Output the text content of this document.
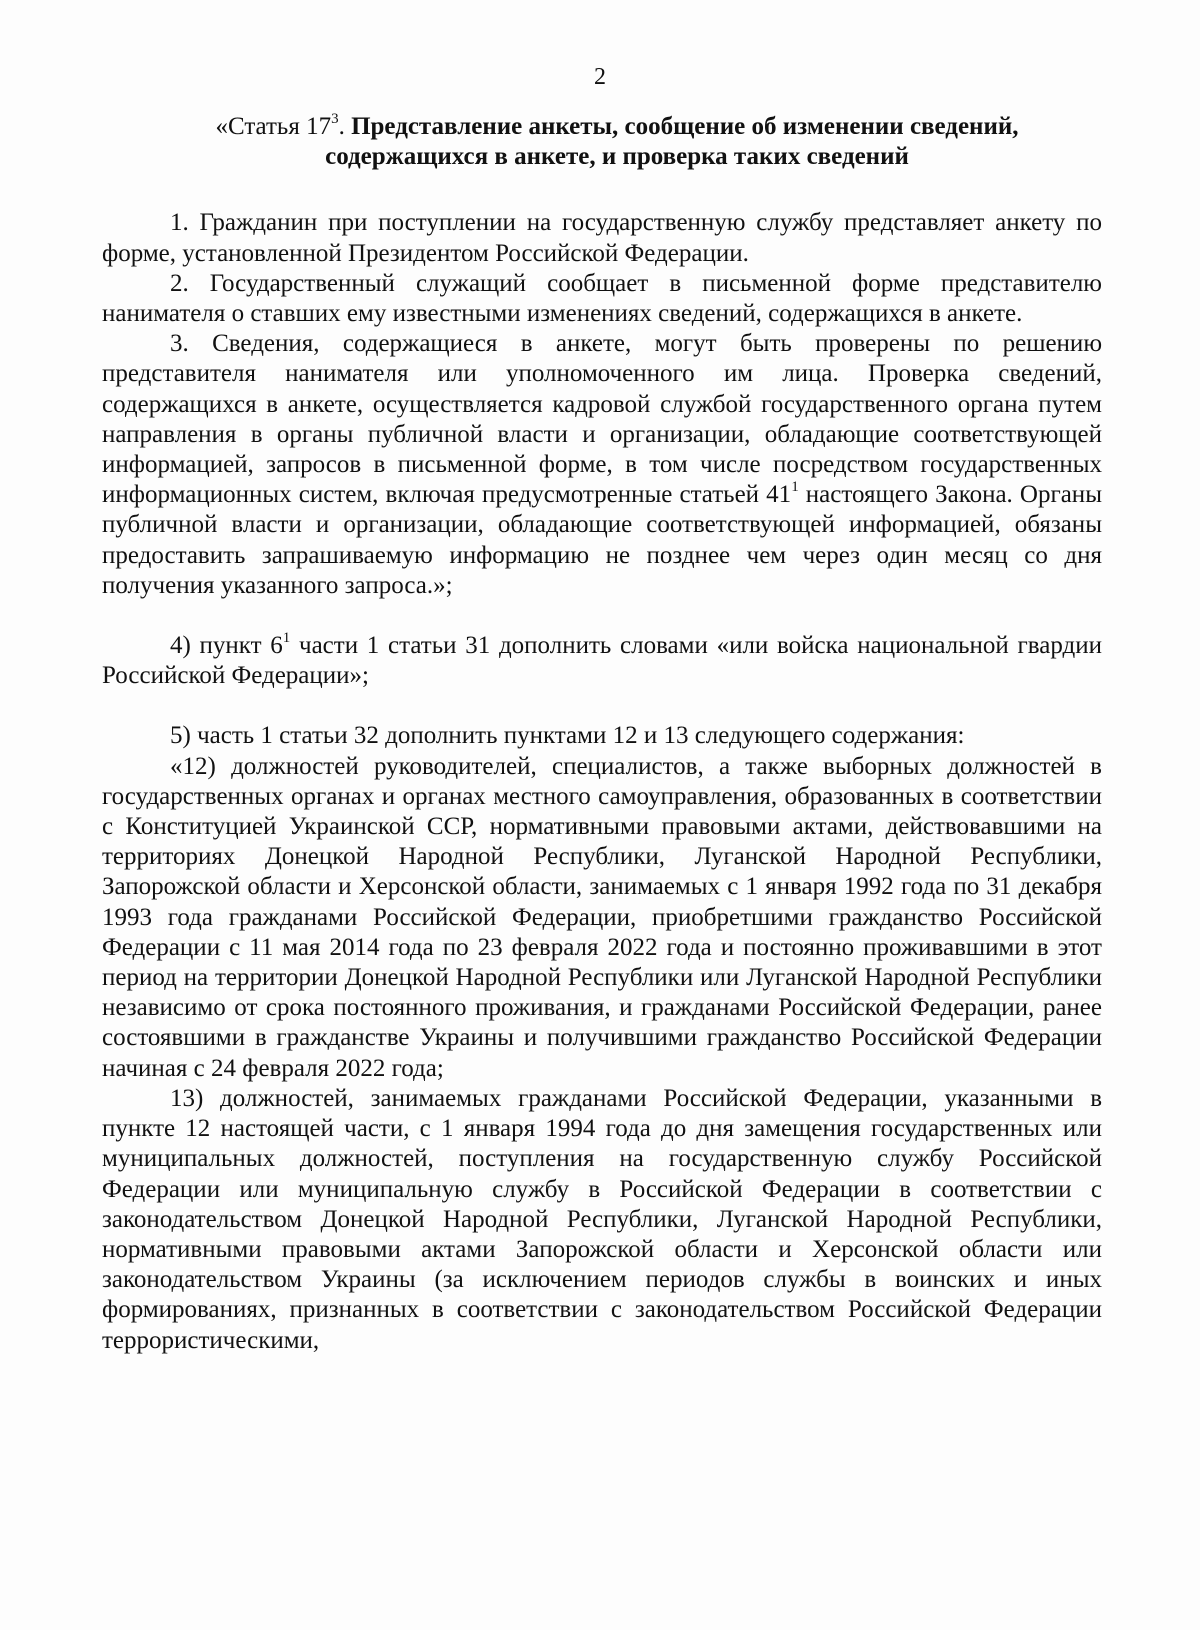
2
«Статья $17^3$. Представление анкеты, сообщение об изменении сведений,
содержащихся в анкете, и проверка таких сведений

1. Гражданин при поступлении на государственную службу представляет анкету по форме, установленной Президентом Российской Федерации.

2. Государственный служащий сообщает в письменной форме представителю нанимателя о ставших ему известными изменениях сведений, содержащихся в анкете.

3. Сведения, содержащиеся в анкете, могут быть проверены по решению представителя нанимателя или уполномоченного им лица. Проверка сведений, содержащихся в анкете, осуществляется кадровой службой государственного органа путем направления в органы публичной власти и организации, обладающие соответствующей информацией, запросов в письменной форме, в том числе посредством государственных информационных систем, включая предусмотренные статьей $41^1$ настоящего Закона. Органы публичной власти и организации, обладающие соответствующей информацией, обязаны предоставить запрашиваемую информацию не позднее чем через один месяц со дня получения указанного запроса.»;

4) пункт $6^1$ части 1 статьи 31 дополнить словами «или войска национальной гвардии Российской Федерации»;

5) часть 1 статьи 32 дополнить пунктами 12 и 13 следующего содержания:

«12) должностей руководителей, специалистов, а также выборных должностей в государственных органах и органах местного самоуправления, образованных в соответствии с Конституцией Украинской ССР, нормативными правовыми актами, действовавшими на территориях Донецкой Народной Республики, Луганской Народной Республики, Запорожской области и Херсонской области, занимаемых с 1 января 1992 года по 31 декабря 1993 года гражданами Российской Федерации, приобретшими гражданство Российской Федерации с 11 мая 2014 года по 23 февраля 2022 года и постоянно проживавшими в этот период на территории Донецкой Народной Республики или Луганской Народной Республики независимо от срока постоянного проживания, и гражданами Российской Федерации, ранее состоявшими в гражданстве Украины и получившими гражданство Российской Федерации начиная с 24 февраля 2022 года;

13) должностей, занимаемых гражданами Российской Федерации, указанными в пункте 12 настоящей части, с 1 января 1994 года до дня замещения государственных или муниципальных должностей, поступления на государственную службу Российской Федерации или муниципальную службу в Российской Федерации в соответствии с законодательством Донецкой Народной Республики, Луганской Народной Республики, нормативными правовыми актами Запорожской области и Херсонской области или законодательством Украины (за исключением периодов службы в воинских и иных формированиях, признанных в соответствии с законодательством Российской Федерации террористическими,
